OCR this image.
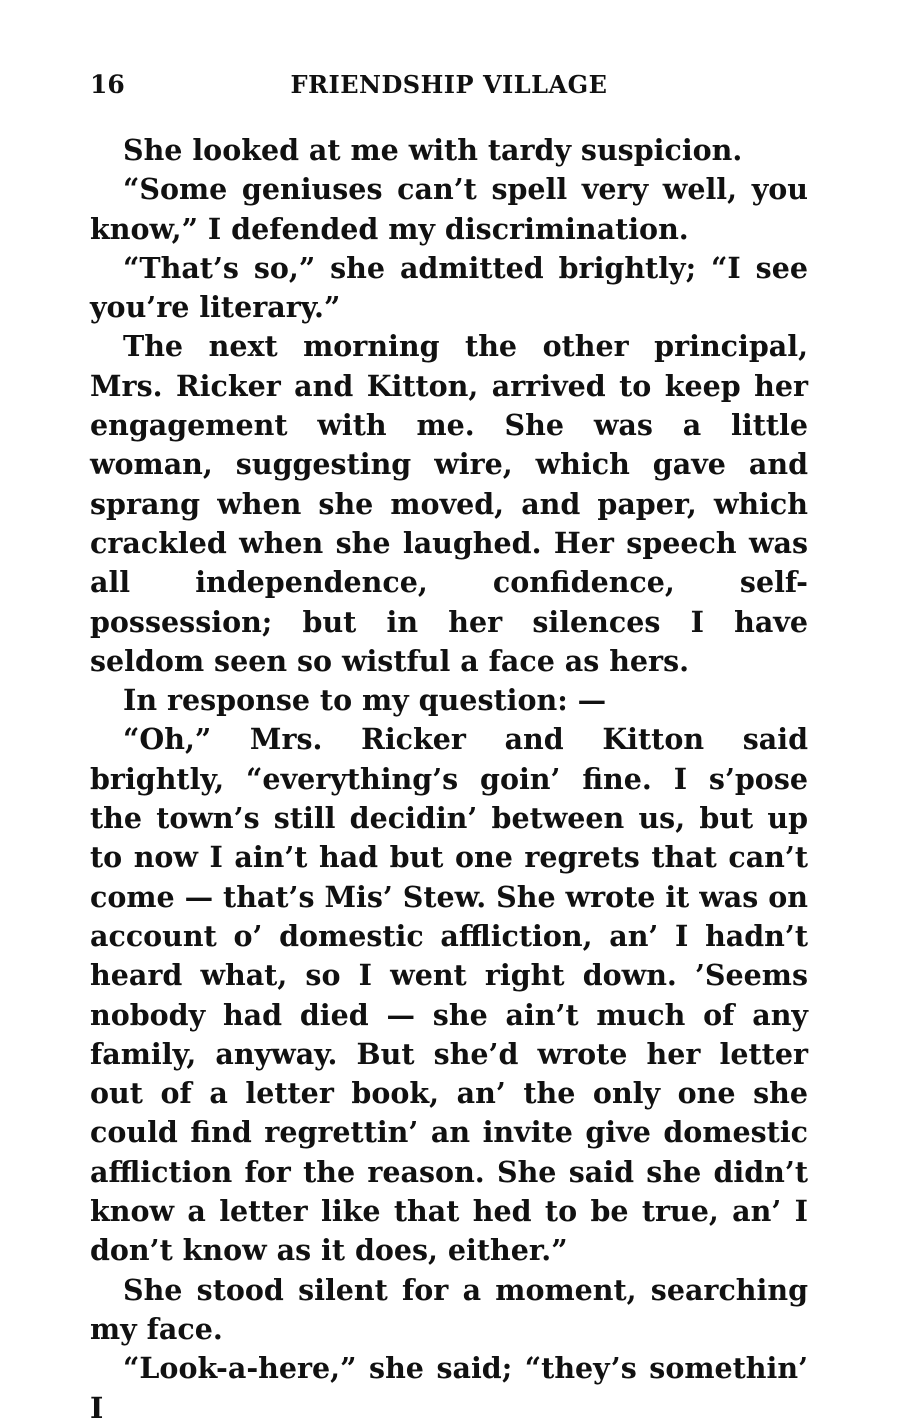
16	FRIENDSHIP VILLAGE

She looked at me with tardy suspicion.

“Some geniuses can’t spell very well, you know,” I defended my discrimination.

“That’s so,” she admitted brightly; “I see you’re literary.”

The next morning the other principal, Mrs. Ricker and Kitton, arrived to keep her engagement with me. She was a little woman, suggesting wire, which gave and sprang when she moved, and paper, which crackled when she laughed. Her speech was all independence, confidence, self-possession; but in her silences I have seldom seen so wistful a face as hers.

In response to my question: —

“Oh,” Mrs. Ricker and Kitton said brightly, “everything’s goin’ fine. I s’pose the town’s still decidin’ between us, but up to now I ain’t had but one regrets that can’t come — that’s Mis’ Stew. She wrote it was on account o’ domestic affliction, an’ I hadn’t heard what, so I went right down. ’Seems nobody had died — she ain’t much of any family, anyway. But she’d wrote her letter out of a letter book, an’ the only one she could find regrettin’ an invite give domestic affliction for the reason. She said she didn’t know a letter like that hed to be true, an’ I don’t know as it does, either.”

She stood silent for a moment, searching my face.

“Look-a-here,” she said; “they’s somethin’ I
